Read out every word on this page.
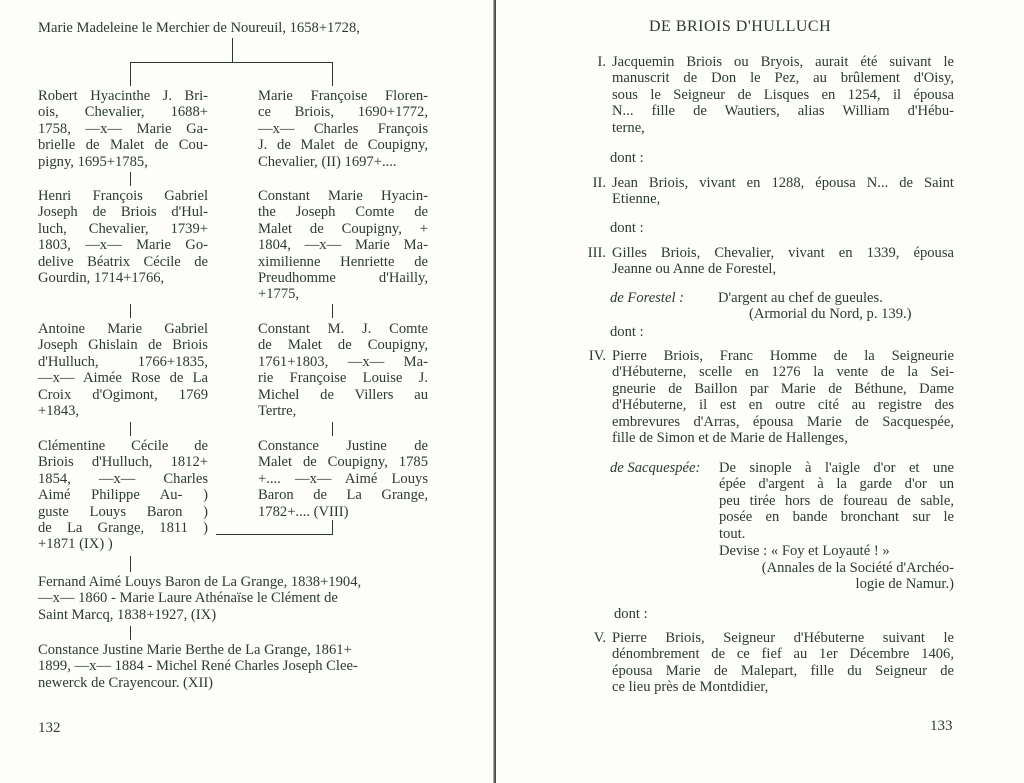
Marie Madeleine le Merchier de Noureuil, 1658+1728,
Robert Hyacinthe J. Bri-
ois, Chevalier, 1688+
1758, —x— Marie Ga-
brielle de Malet de Cou-
pigny, 1695+1785,
Marie Françoise Floren-
ce Briois, 1690+1772,
—x— Charles François
J. de Malet de Coupigny,
Chevalier, (II) 1697+....
Henri François Gabriel
Joseph de Briois d'Hul-
luch, Chevalier, 1739+
1803, —x— Marie Go-
delive Béatrix Cécile de
Gourdin, 1714+1766,
Constant Marie Hyacin-
the Joseph Comte de
Malet de Coupigny, +
1804, —x— Marie Ma-
ximilienne Henriette de
Preudhomme d'Hailly,
+1775,
Antoine Marie Gabriel
Joseph Ghislain de Briois
d'Hulluch, 1766+1835,
—x— Aimée Rose de La
Croix d'Ogimont, 1769
+1843,
Constant M. J. Comte
de Malet de Coupigny,
1761+1803, —x— Ma-
rie Françoise Louise J.
Michel de Villers au
Tertre,
Clémentine Cécile de
Briois d'Hulluch, 1812+
1854, —x— Charles
Aimé Philippe Au- )
guste Louys Baron )
de La Grange, 1811 )
+1871 (IX) )
Constance Justine de
Malet de Coupigny, 1785
+.... —x— Aimé Louys
Baron de La Grange,
1782+.... (VIII)
Fernand Aimé Louys Baron de La Grange, 1838+1904,
—x— 1860 - Marie Laure Athénaïse le Clément de
Saint Marcq, 1838+1927, (IX)
Constance Justine Marie Berthe de La Grange, 1861+
1899, —x— 1884 - Michel René Charles Joseph Clee-
newerck de Crayencour. (XII)
132
DE BRIOIS D'HULLUCH
I. Jacquemin Briois ou Bryois, aurait été suivant le
manuscrit de Don le Pez, au brûlement d'Oisy,
sous le Seigneur de Lisques en 1254, il épousa
N... fille de Wautiers, alias William d'Hébu-
terne,
II. Jean Briois, vivant en 1288, épousa N... de Saint
Etienne,
III. Gilles Briois, Chevalier, vivant en 1339, épousa
Jeanne ou Anne de Forestel,
IV. Pierre Briois, Franc Homme de la Seigneurie
d'Hébuterne, scelle en 1276 la vente de la Sei-
gneurie de Baillon par Marie de Béthune, Dame
d'Hébuterne, il est en outre cité au registre des
embrevures d'Arras, épousa Marie de Sacquespée,
fille de Simon et de Marie de Hallenges,
V. Pierre Briois, Seigneur d'Hébuterne suivant le
dénombrement de ce fief au 1er Décembre 1406,
épousa Marie de Malepart, fille du Seigneur de
ce lieu près de Montdidier,
dont :
dont :
de Forestel : D'argent au chef de gueules.
(Armorial du Nord, p. 139.)
dont :
de Sacquespée: De sinople à l'aigle d'or et une
épée d'argent à la garde d'or un
peu tirée hors de foureau de sable,
posée en bande bronchant sur le
tout.
Devise : « Foy et Loyauté ! »
(Annales de la Société d'Archéo-
logie de Namur.)
dont :
133
